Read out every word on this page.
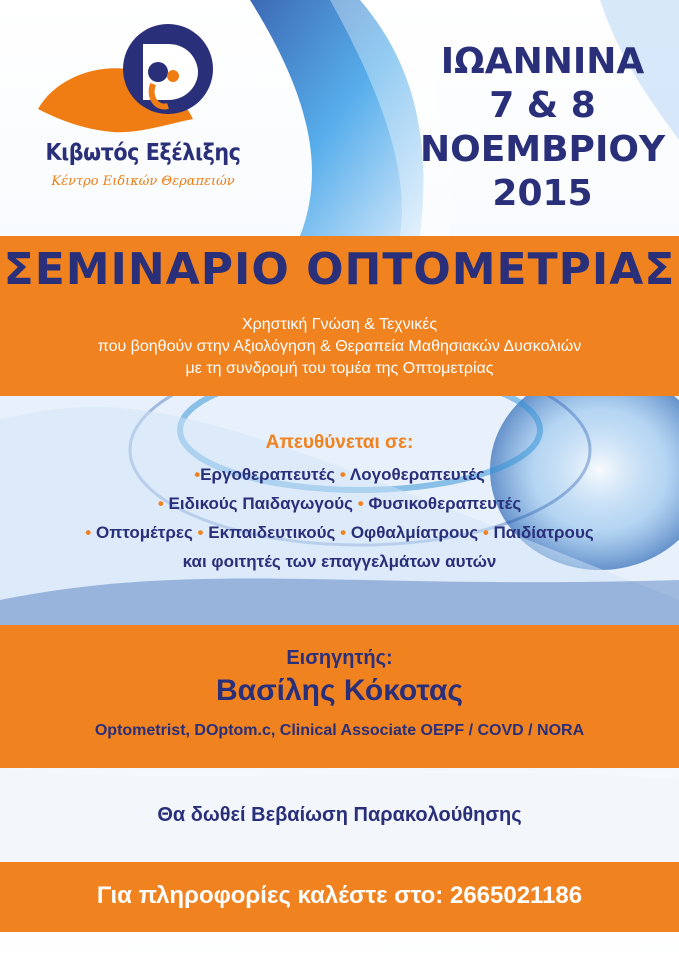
Κιβωτός Εξέλιξης
Κέντρο Ειδικών Θεραπειών
ΙΩΑΝΝΙΝΑ
7 & 8
ΝΟΕΜΒΡΙΟΥ
2015
ΣΕΜΙΝΑΡΙΟ ΟΠΤΟΜΕΤΡΙΑΣ
Χρηστική Γνώση & Τεχνικές
που βοηθούν στην Αξιολόγηση & Θεραπεία Μαθησιακών Δυσκολιών
με τη συνδρομή του τομέα της Οπτομετρίας
Απευθύνεται σε:
•Εργοθεραπευτές • Λογοθεραπευτές
• Ειδικούς Παιδαγωγούς • Φυσικοθεραπευτές
• Οπτομέτρες • Εκπαιδευτικούς • Οφθαλμίατρους • Παιδίατρους
και φοιτητές των επαγγελμάτων αυτών
Εισηγητής:
Βασίλης Κόκοτας
Optometrist, DOptom.c, Clinical Associate OEPF / COVD / NORA
Θα δωθεί Βεβαίωση Παρακολούθησης
Για πληροφορίες καλέστε στο: 2665021186
